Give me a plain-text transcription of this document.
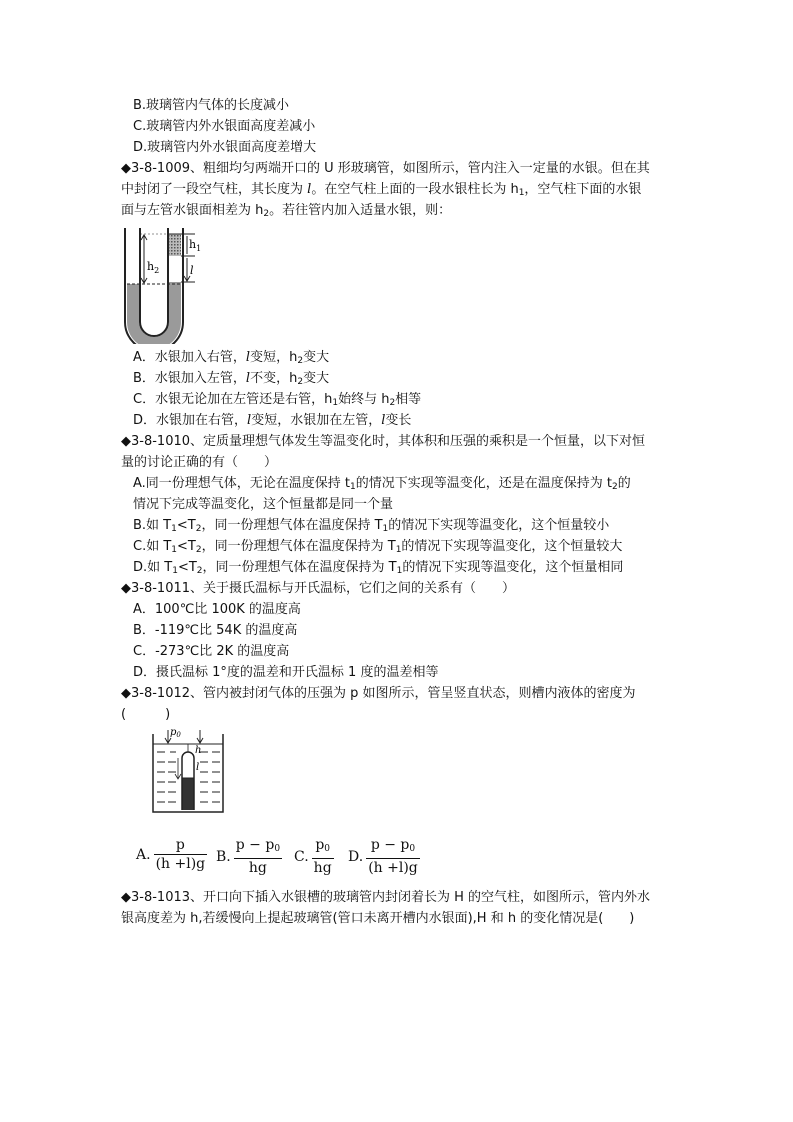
B.玻璃管内气体的长度减小
C.玻璃管内外水银面高度差减小
D.玻璃管内外水银面高度差增大
◆3-8-1009、粗细均匀两端开口的 U 形玻璃管，如图所示，管内注入一定量的水银。但在其
中封闭了一段空气柱，其长度为 l。在空气柱上面的一段水银柱长为 $h_1$，空气柱下面的水银
面与左管水银面相差为 $h_2$。若往管内加入适量水银，则：
$h_1$
$h_2$	l
A．水银加入右管，l变短，$h_2$变大
B．水银加入左管，l不变，$h_2$变大
C．水银无论加在左管还是右管，$h_1$始终与 $h_2$相等
D．水银加在右管，l变短，水银加在左管，l变长
◆3-8-1010、定质量理想气体发生等温变化时，其体积和压强的乘积是一个恒量，以下对恒
量的讨论正确的有（　　）
A.同一份理想气体，无论在温度保持 $t_1$的情况下实现等温变化，还是在温度保持为 $t_2$的
情况下完成等温变化，这个恒量都是同一个量
B.如 $T_1<T_2$，同一份理想气体在温度保持 $T_1$的情况下实现等温变化，这个恒量较小
C.如 $T_1<T_2$，同一份理想气体在温度保持为 $T_1$的情况下实现等温变化，这个恒量较大
D.如 $T_1<T_2$，同一份理想气体在温度保持为 $T_1$的情况下实现等温变化，这个恒量相同
◆3-8-1011、关于摄氏温标与开氏温标，它们之间的关系有（　　）
A．100℃比 100K 的温度高
B．-119℃比 54K 的温度高
C．-273℃比 2K 的温度高
D．摄氏温标 1°度的温差和开氏温标 1 度的温差相等
◆3-8-1012、管内被封闭气体的压强为 p 如图所示，管呈竖直状态，则槽内液体的密度为
(　　　)
$p_0$
h
l
A. $\frac{p}{(h +l)g} B$. $\frac{p - p_0}{hg} C$. $\frac{p_0}{hg} D$. $\frac{p - p_0}{(h +l)g}$
◆3-8-1013、开口向下插入水银槽的玻璃管内封闭着长为 H 的空气柱，如图所示，管内外水
银高度差为 h,若缓慢向上提起玻璃管(管口未离开槽内水银面),H 和 h 的变化情况是(　　)
